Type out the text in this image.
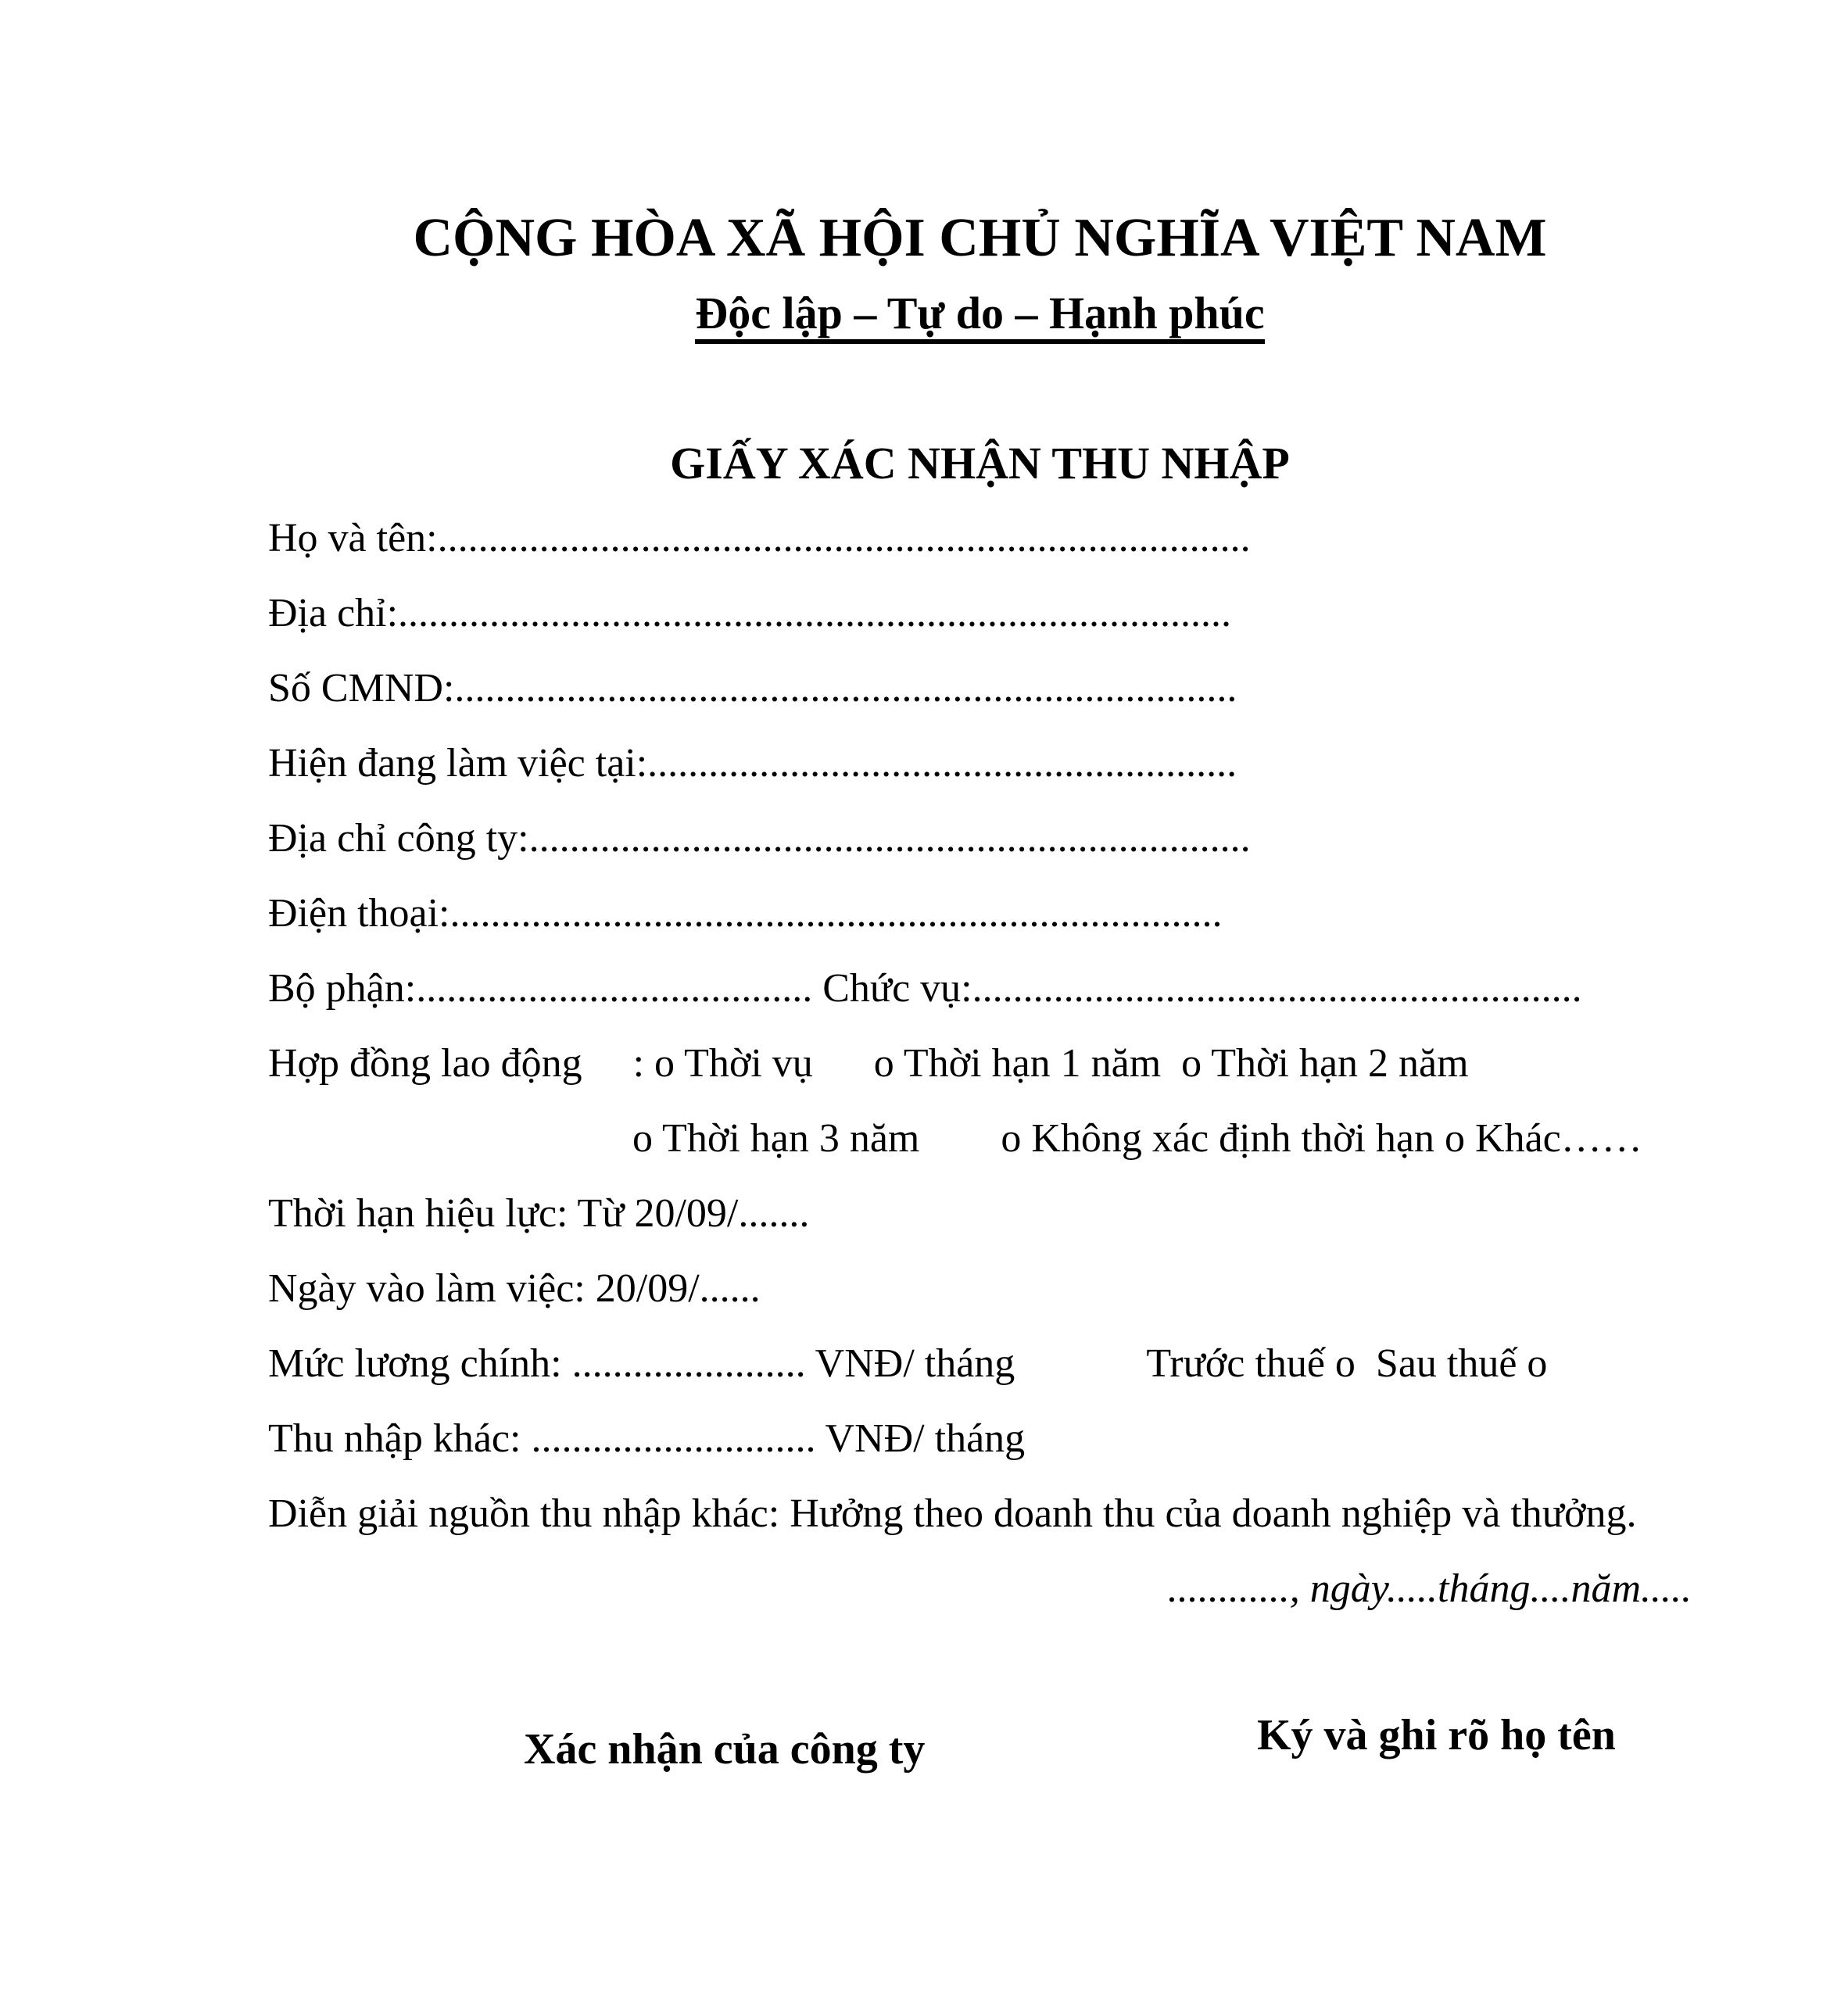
CỘNG HÒA XÃ HỘI CHỦ NGHĨA VIỆT NAM

Độc lập – Tự do – Hạnh phúc

GIẤY XÁC NHẬN THU NHẬP

Họ và tên:................................................................................

Địa chỉ:..................................................................................

Số CMND:.............................................................................

Hiện đang làm việc tại:..........................................................

Địa chỉ công ty:.......................................................................

Điện thoại:............................................................................

Bộ phận:....................................... Chức vụ:............................................................

Hợp đồng lao động     : o Thời vụ      o Thời hạn 1 năm  o Thời hạn 2 năm

o Thời hạn 3 năm        o Không xác định thời hạn o Khác……

Thời hạn hiệu lực: Từ 20/09/.......

Ngày vào làm việc: 20/09/......

Mức lương chính: ....................... VNĐ/ tháng             Trước thuế o  Sau thuế o

Thu nhập khác: ............................ VNĐ/ tháng

Diễn giải nguồn thu nhập khác: Hưởng theo doanh thu của doanh nghiệp và thưởng.

............, ngày.....tháng....năm.....

Xác nhận của công ty	Ký và ghi rõ họ tên
